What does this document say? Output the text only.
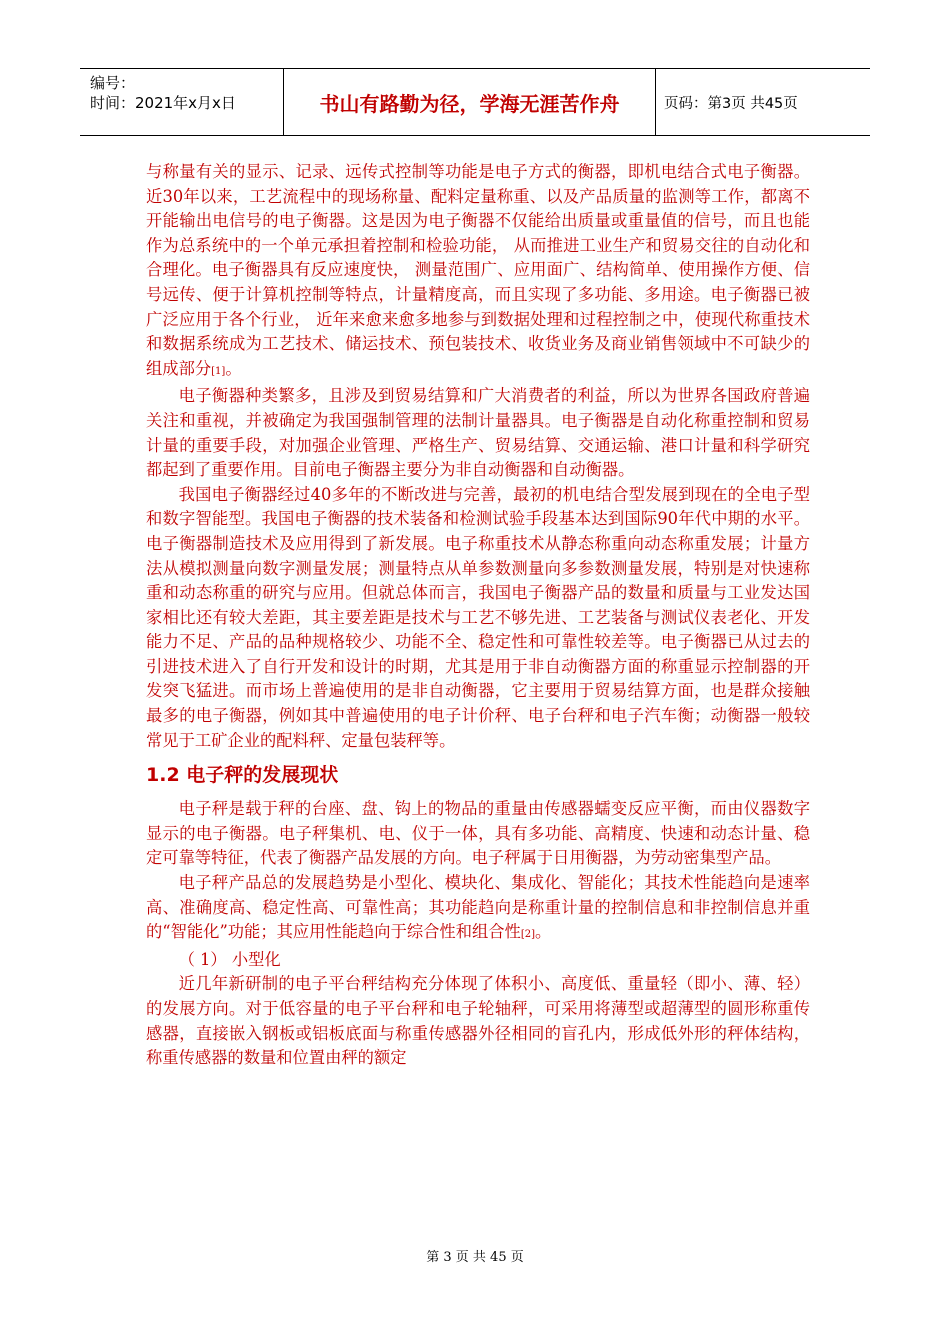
编号：
时间：2021年x月x日	书山有路勤为径，学海无涯苦作舟	页码：第3页 共45页

与称量有关的显示、记录、远传式控制等功能是电子方式的衡器，即机电结合式电子衡器。近30年以来，工艺流程中的现场称量、配料定量称重、以及产品质量的监测等工作，都离不开能输出电信号的电子衡器。这是因为电子衡器不仅能给出质量或重量值的信号，而且也能作为总系统中的一个单元承担着控制和检验功能， 从而推进工业生产和贸易交往的自动化和合理化。电子衡器具有反应速度快， 测量范围广、应用面广、结构简单、使用操作方便、信号远传、便于计算机控制等特点，计量精度高，而且实现了多功能、多用途。电子衡器已被广泛应用于各个行业， 近年来愈来愈多地参与到数据处理和过程控制之中，使现代称重技术和数据系统成为工艺技术、储运技术、预包装技术、收货业务及商业销售领域中不可缺少的组成部分[1]。

电子衡器种类繁多，且涉及到贸易结算和广大消费者的利益，所以为世界各国政府普遍关注和重视，并被确定为我国强制管理的法制计量器具。电子衡器是自动化称重控制和贸易计量的重要手段，对加强企业管理、严格生产、贸易结算、交通运输、港口计量和科学研究都起到了重要作用。目前电子衡器主要分为非自动衡器和自动衡器。

我国电子衡器经过40多年的不断改进与完善，最初的机电结合型发展到现在的全电子型和数字智能型。我国电子衡器的技术装备和检测试验手段基本达到国际90年代中期的水平。电子衡器制造技术及应用得到了新发展。电子称重技术从静态称重向动态称重发展；计量方法从模拟测量向数字测量发展；测量特点从单参数测量向多参数测量发展，特别是对快速称重和动态称重的研究与应用。但就总体而言，我国电子衡器产品的数量和质量与工业发达国家相比还有较大差距，其主要差距是技术与工艺不够先进、工艺装备与测试仪表老化、开发能力不足、产品的品种规格较少、功能不全、稳定性和可靠性较差等。电子衡器已从过去的引进技术进入了自行开发和设计的时期，尤其是用于非自动衡器方面的称重显示控制器的开发突飞猛进。而市场上普遍使用的是非自动衡器，它主要用于贸易结算方面，也是群众接触最多的电子衡器，例如其中普遍使用的电子计价秤、电子台秤和电子汽车衡；动衡器一般较常见于工矿企业的配料秤、定量包装秤等。

1.2 电子秤的发展现状

电子秤是载于秤的台座、盘、钩上的物品的重量由传感器蠕变反应平衡，而由仪器数字显示的电子衡器。电子秤集机、电、仪于一体，具有多功能、高精度、快速和动态计量、稳定可靠等特征，代表了衡器产品发展的方向。电子秤属于日用衡器，为劳动密集型产品。

电子秤产品总的发展趋势是小型化、模块化、集成化、智能化；其技术性能趋向是速率高、准确度高、稳定性高、可靠性高；其功能趋向是称重计量的控制信息和非控制信息并重的“智能化”功能；其应用性能趋向于综合性和组合性[2]。

（ 1） 小型化

近几年新研制的电子平台秤结构充分体现了体积小、高度低、重量轻（即小、薄、轻）的发展方向。对于低容量的电子平台秤和电子轮轴秤，可采用将薄型或超薄型的圆形称重传感器，直接嵌入钢板或铝板底面与称重传感器外径相同的盲孔内，形成低外形的秤体结构，称重传感器的数量和位置由秤的额定

第 3 页 共 45 页
